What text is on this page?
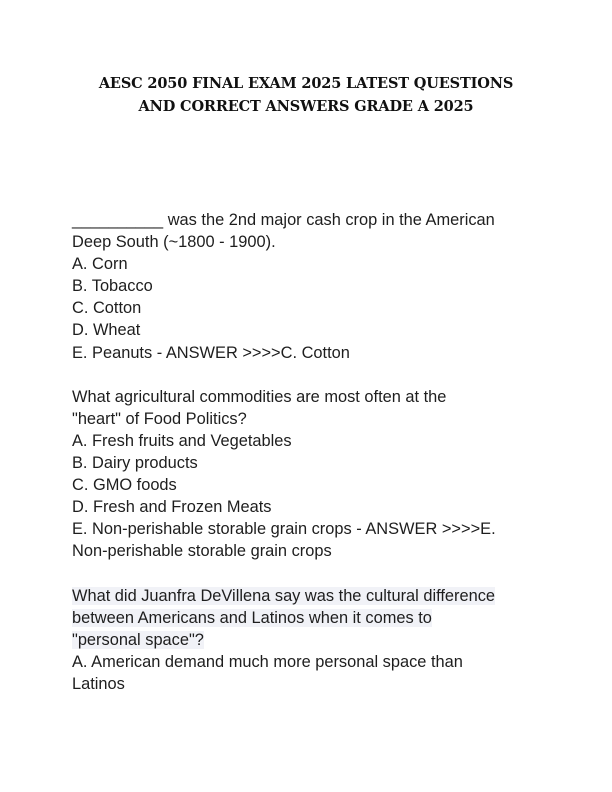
AESC 2050 FINAL EXAM 2025 LATEST QUESTIONS
AND CORRECT ANSWERS GRADE A 2025
__________ was the 2nd major cash crop in the American
Deep South (~1800 - 1900).
A. Corn
B. Tobacco
C. Cotton
D. Wheat
E. Peanuts - ANSWER >>>>C. Cotton
What agricultural commodities are most often at the
"heart" of Food Politics?
A. Fresh fruits and Vegetables
B. Dairy products
C. GMO foods
D. Fresh and Frozen Meats
E. Non-perishable storable grain crops - ANSWER >>>>E.
Non-perishable storable grain crops
What did Juanfra DeVillena say was the cultural difference
between Americans and Latinos when it comes to
"personal space"?
A. American demand much more personal space than
Latinos
